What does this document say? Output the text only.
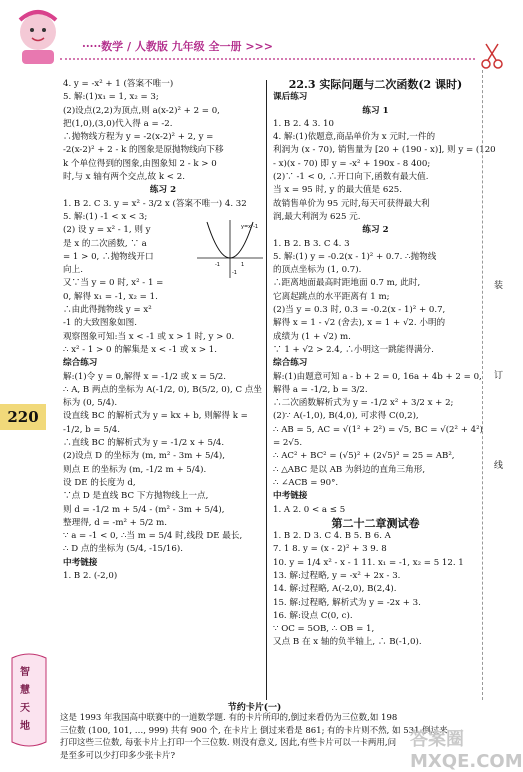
·····数学 / 人教版 九年级 全一册 >>>
4. y = -x² + 1 (答案不唯一)
5. 解:(1)x₁ = 1, x₂ = 3;
(2)设点(2,2)为顶点,则 a(x-2)² + 2 = 0,
把(1,0),(3,0)代入得 a = -2.
∴抛物线方程为 y = -2(x-2)² + 2, y =
-2(x-2)² + 2 - k 的图象是原抛物线向下移
k 个单位得到的图象,由图象知 2 - k > 0
时,与 x 轴有两个交点,故 k < 2.
练习 2
1. B 2. C 3. y = x² - 3/2 x (答案不唯一) 4. 32
5. 解:(1) -1 < x < 3;
(2) 设 y = x² - 1, 则 y
是 x 的二次函数, ∵ a
= 1 > 0, ∴抛物线开口
向上.
又∵当 y = 0 时, x² - 1 =
0, 解得 x₁ = -1, x₂ = 1.
∴由此得抛物线 y = x²
-1 的大致图象如图.
观察图象可知:当 x < -1 或 x > 1 时, y > 0.
∴ x² - 1 > 0 的解集是 x < -1 或 x > 1.
综合练习
解:(1)令 y = 0,解得 x = -1/2 或 x = 5/2.
∴ A, B 两点的坐标为 A(-1/2, 0), B(5/2, 0), C 点坐
标为 (0, 5/4).
设直线 BC 的解析式为 y = kx + b, 则解得 k =
-1/2, b = 5/4.
∴直线 BC 的解析式为 y = -1/2 x + 5/4.
(2)设点 D 的坐标为 (m, m² - 3m + 5/4),
则点 E 的坐标为 (m, -1/2 m + 5/4).
设 DE 的长度为 d,
∵点 D 是直线 BC 下方抛物线上一点,
则 d = -1/2 m + 5/4 - (m² - 3m + 5/4),
整理得, d = -m² + 5/2 m.
∵ a = -1 < 0, ∴当 m = 5/4 时,线段 DE 最长,
∴ D 点的坐标为 (5/4, -15/16).
中考链接
1. B 2. (-2,0)
22.3 实际问题与二次函数(2 课时)
课后练习
练习 1
1. B 2. 4 3. 10
4. 解:(1)依题意,商品单价为 x 元时,一件的
利润为 (x - 70), 销售量为 [20 + (190 - x)], 则 y = (120
- x)(x - 70) 即 y = -x² + 190x - 8 400;
(2)∵ -1 < 0, ∴开口向下,函数有最大值.
当 x = 95 时, y 的最大值是 625.
故销售单价为 95 元时,每天可获得最大利
润,最大利润为 625 元.
练习 2
1. B 2. B 3. C 4. 3
5. 解:(1) y = -0.2(x - 1)² + 0.7. ∴抛物线
的顶点坐标为 (1, 0.7).
∴距离地面最高时距地面 0.7 m, 此时,
它离起跳点的水平距离有 1 m;
(2)当 y = 0.3 时, 0.3 = -0.2(x - 1)² + 0.7,
解得 x = 1 - √2 (舍去), x = 1 + √2. 小明的
成绩为 (1 + √2) m.
∵ 1 + √2 > 2.4, ∴小明这一跳能得满分.
综合练习
解:(1)由题意可知 a - b + 2 = 0, 16a + 4b + 2 = 0,
解得 a = -1/2, b = 3/2.
∴二次函数解析式为 y = -1/2 x² + 3/2 x + 2;
(2)∵ A(-1,0), B(4,0), 可求得 C(0,2),
∴ AB = 5, AC = √(1² + 2²) = √5, BC = √(2² + 4²)
= 2√5.
∴ AC² + BC² = (√5)² + (2√5)² = 25 = AB²,
∴ △ABC 是以 AB 为斜边的直角三角形,
∴ ∠ACB = 90°.
中考链接
1. A 2. 0 < a ≤ 5
第二十二章测试卷
1. B 2. D 3. C 4. B 5. B 6. A
7. 1 8. y = (x - 2)² + 3 9. 8
10. y = 1/4 x² - x - 1 11. x₁ = -1, x₂ = 5 12. 1
13. 解:过程略, y = -x² + 2x - 3.
14. 解:过程略, A(-2,0), B(2,4).
15. 解:过程略, 解析式为 y = -2x + 3.
16. 解:设点 C(0, c).
∵ OC = 5OB, ∴ OB = 1,
又点 B 在 x 轴的负半轴上, ∴ B(-1,0).
y=x²-1
-1	1
-1
220
装
订
线
智
慧
天
地
节约卡片(一)
这是 1993 年我国高中联赛中的一道数学题. 有的卡片所印的,倒过来看仍为三位数,如 198
三位数 (100, 101, …, 999) 共有 900 个, 在卡片上 倒过来看是 861; 有的卡片则不然, 如 531 倒过来
打印这些三位数, 每张卡片上打印一个三位数. 则没有意义, 因此,有些卡片可以一卡两用,问
是至多可以少打印多少张卡片?
答案圈 MXQE.COM
